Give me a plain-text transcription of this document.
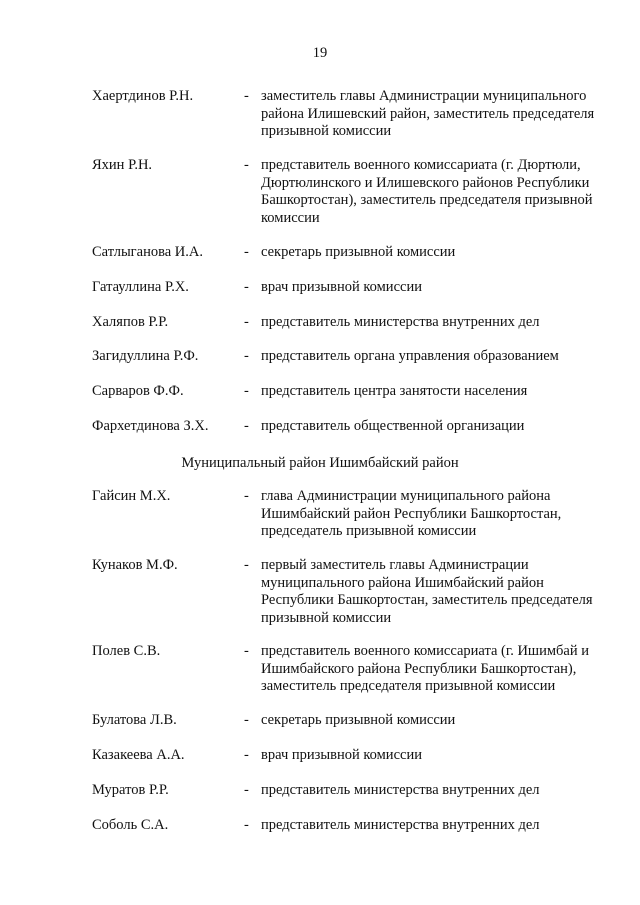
19
Хаертдинов Р.Н.	- заместитель главы Администрации муниципального района Илишевский район, заместитель председателя призывной комиссии
Яхин Р.Н.	- представитель военного комиссариата (г. Дюртюли, Дюртюлинского и Илишевского районов Республики Башкортостан), заместитель председателя призывной комиссии
Сатлыганова И.А.	- секретарь призывной комиссии
Гатауллина Р.Х.	- врач призывной комиссии
Халяпов Р.Р.	- представитель министерства внутренних дел
Загидуллина Р.Ф.	- представитель органа управления образованием
Сарваров Ф.Ф.	- представитель центра занятости населения
Фархетдинова З.Х. - представитель общественной организации
Муниципальный район Ишимбайский район
Гайсин М.Х.	- глава Администрации муниципального района Ишимбайский район Республики Башкортостан, председатель призывной комиссии
Кунаков М.Ф.	- первый заместитель главы Администрации муниципального района Ишимбайский район Республики Башкортостан, заместитель председателя призывной комиссии
Полев С.В.	- представитель военного комиссариата (г. Ишимбай и Ишимбайского района Республики Башкортостан), заместитель председателя призывной комиссии
Булатова Л.В.	- секретарь призывной комиссии
Казакеева А.А.	- врач призывной комиссии
Муратов Р.Р.	- представитель министерства внутренних дел
Соболь С.А.	- представитель министерства внутренних дел
